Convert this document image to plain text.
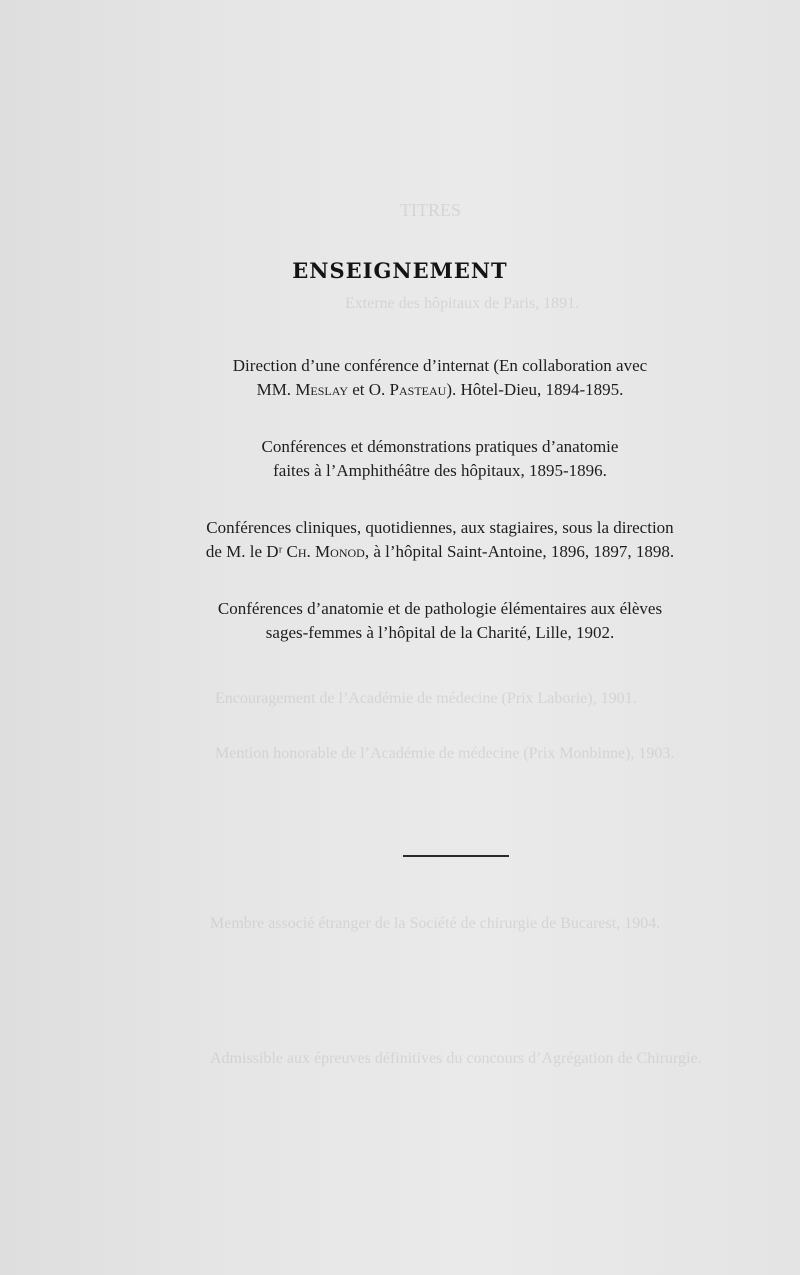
TITRES
Externe des hôpitaux de Paris, 1891.
Encouragement de l’Académie de médecine (Prix Laborie), 1901.
Mention honorable de l’Académie de médecine (Prix Monbinne), 1903.
Membre associé étranger de la Société de chirurgie de Bucarest, 1904.
Admissible aux épreuves définitives du concours d’Agrégation de Chirurgie.
ENSEIGNEMENT
Direction d’une conférence d’internat (En collaboration avec
MM. Meslay et O. Pasteau). Hôtel-Dieu, 1894-1895.
Conférences et démonstrations pratiques d’anatomie
faites à l’Amphithéâtre des hôpitaux, 1895-1896.
Conférences cliniques, quotidiennes, aux stagiaires, sous la direction
de M. le Dʳ Ch. Monod, à l’hôpital Saint-Antoine, 1896, 1897, 1898.
Conférences d’anatomie et de pathologie élémentaires aux élèves
sages-femmes à l’hôpital de la Charité, Lille, 1902.
